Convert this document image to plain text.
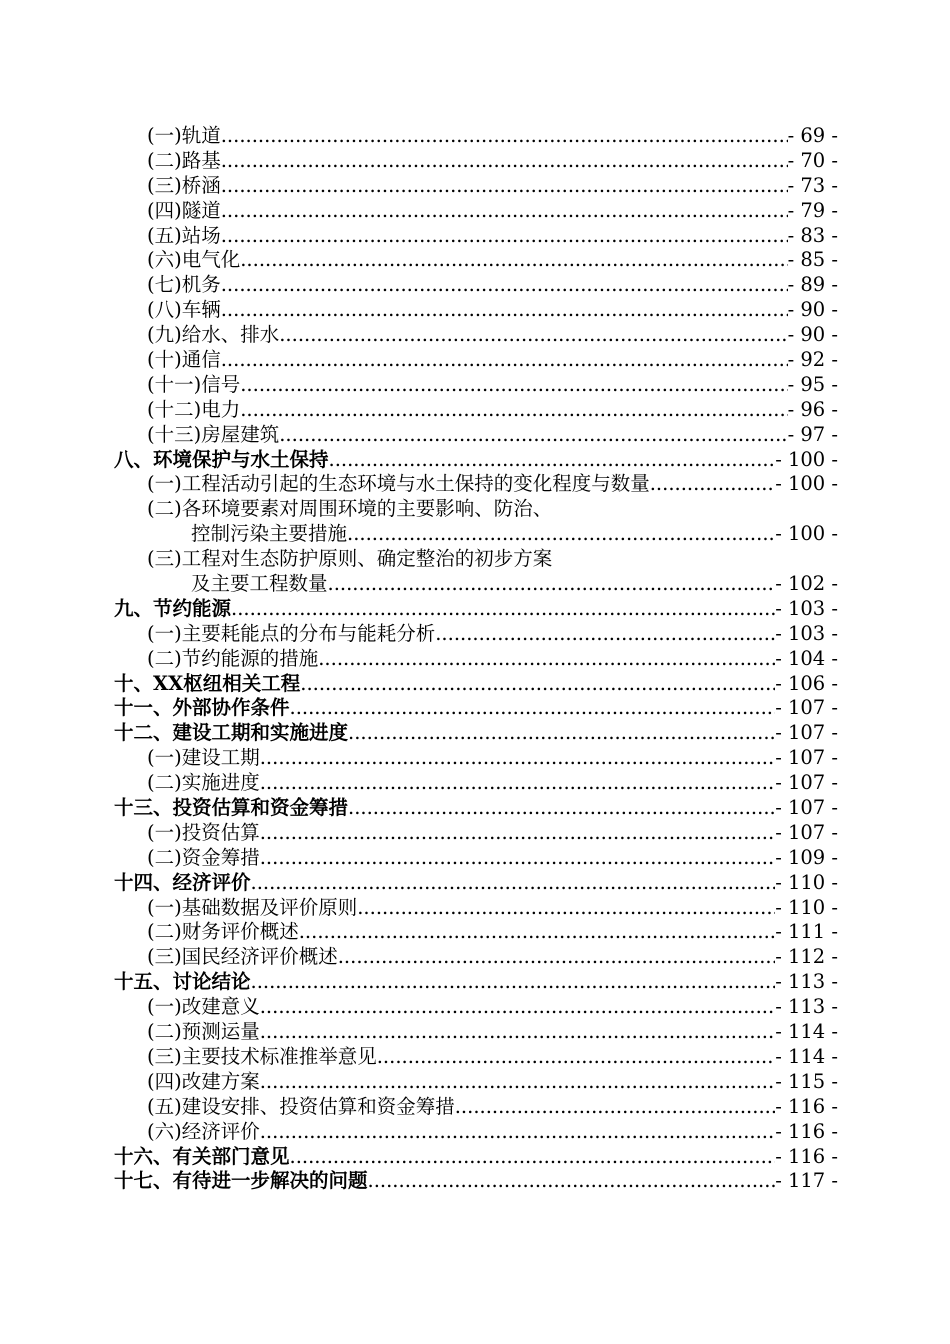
(一)轨道 .....	- 69 -
(二)路基 .....	- 70 -
(三)桥涵 .....	- 73 -
(四)隧道 .....	- 79 -
(五)站场 .....	- 83 -
(六)电气化 .....	- 85 -
(七)机务 .....	- 89 -
(八)车辆 .....	- 90 -
(九)给水、排水 .....	- 90 -
(十)通信 .....	- 92 -
(十一)信号 .....	- 95 -
(十二)电力 .....	- 96 -
(十三)房屋建筑 .....	- 97 -
八、环境保护与水土保持 .....	- 100 -
(一)工程活动引起的生态环境与水土保持的变化程度与数量 .....	- 100 -
(二)各环境要素对周围环境的主要影响、防治、
控制污染主要措施 .....	- 100 -
(三)工程对生态防护原则、确定整治的初步方案
及主要工程数量 .....	- 102 -
九、节约能源 .....	- 103 -
(一)主要耗能点的分布与能耗分析 .....	- 103 -
(二)节约能源的措施 .....	- 104 -
十、XX枢纽相关工程 .....	- 106 -
十一、外部协作条件 .....	- 107 -
十二、建设工期和实施进度 .....	- 107 -
(一)建设工期 .....	- 107 -
(二)实施进度 .....	- 107 -
十三、投资估算和资金筹措 .....	- 107 -
(一)投资估算 .....	- 107 -
(二)资金筹措 .....	- 109 -
十四、经济评价 .....	- 110 -
(一)基础数据及评价原则 .....	- 110 -
(二)财务评价概述 .....	- 111 -
(三)国民经济评价概述 .....	- 112 -
十五、讨论结论 .....	- 113 -
(一)改建意义 .....	- 113 -
(二)预测运量 .....	- 114 -
(三)主要技术标准推举意见 .....	- 114 -
(四)改建方案 .....	- 115 -
(五)建设安排、投资估算和资金筹措 .....	- 116 -
(六)经济评价 .....	- 116 -
十六、有关部门意见 .....	- 116 -
十七、有待进一步解决的问题 .....	- 117 -
